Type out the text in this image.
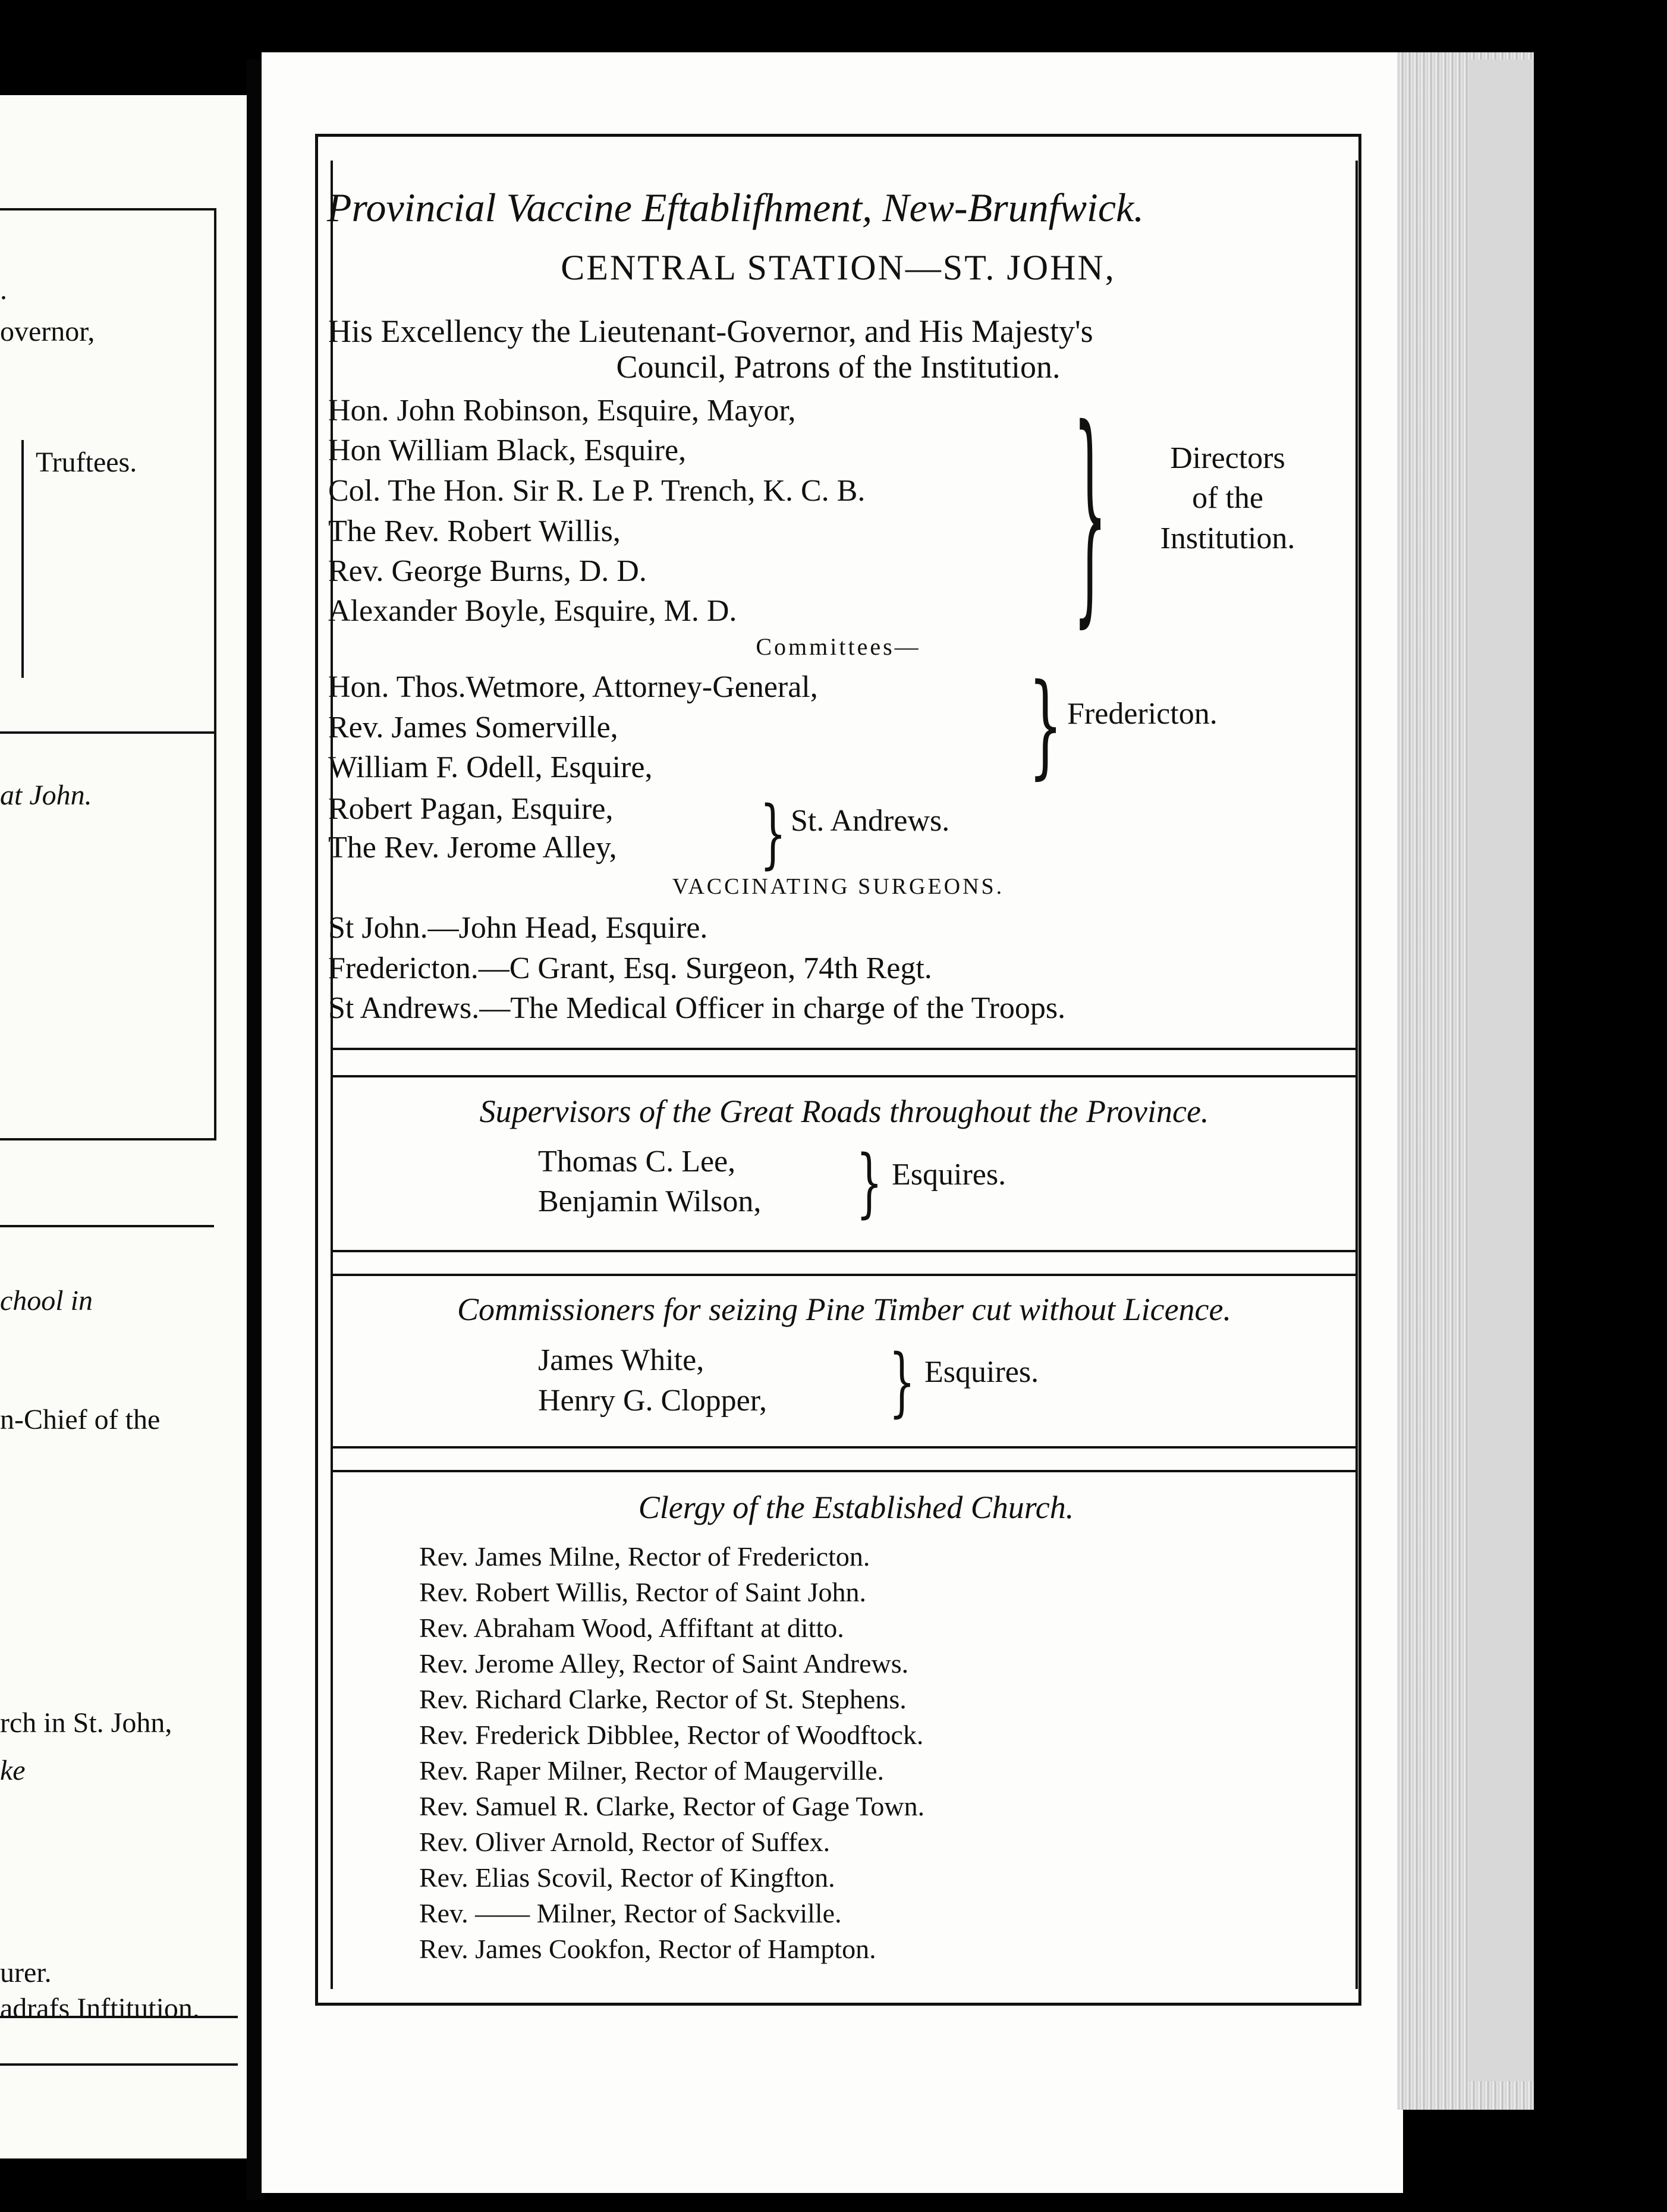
.
overnor,
Truftees.
at John.
chool in
n-Chief of the
rch in St. John,
ke
urer.
adrafs Inftitution.
Provincial Vaccine Eftablifhment, New-Brunfwick.
CENTRAL STATION—ST. JOHN,
His Excellency the Lieutenant-Governor, and His Majesty's
Council, Patrons of the Institution.
Hon. John Robinson, Esquire, Mayor,
Hon William Black, Esquire,
Col. The Hon. Sir R. Le P. Trench, K. C. B.
The Rev. Robert Willis,
Rev. George Burns, D. D.
Alexander Boyle, Esquire, M. D.	} Directors
of the
Institution.
Committees—
Hon. Thos.Wetmore, Attorney-General,
Rev. James Somerville,
William F. Odell, Esquire,	} Fredericton.
Robert Pagan, Esquire,
The Rev. Jerome Alley,	} St. Andrews.
VACCINATING SURGEONS.
St John.—John Head, Esquire.
Fredericton.—C Grant, Esq. Surgeon, 74th Regt.
St Andrews.—The Medical Officer in charge of the Troops.
Supervisors of the Great Roads throughout the Province.
Thomas C. Lee,
Benjamin Wilson, } Esquires.
Commissioners for seizing Pine Timber cut without Licence.
James White,
Henry G. Clopper,	} Esquires.
Clergy of the Established Church.
Rev. James Milne, Rector of Fredericton.
Rev. Robert Willis, Rector of Saint John.
Rev. Abraham Wood, Affiftant at ditto.
Rev. Jerome Alley, Rector of Saint Andrews.
Rev. Richard Clarke, Rector of St. Stephens.
Rev. Frederick Dibblee, Rector of Woodftock.
Rev. Raper Milner, Rector of Maugerville.
Rev. Samuel R. Clarke, Rector of Gage Town.
Rev. Oliver Arnold, Rector of Suffex.
Rev. Elias Scovil, Rector of Kingfton.
Rev. —— Milner, Rector of Sackville.
Rev. James Cookfon, Rector of Hampton.
